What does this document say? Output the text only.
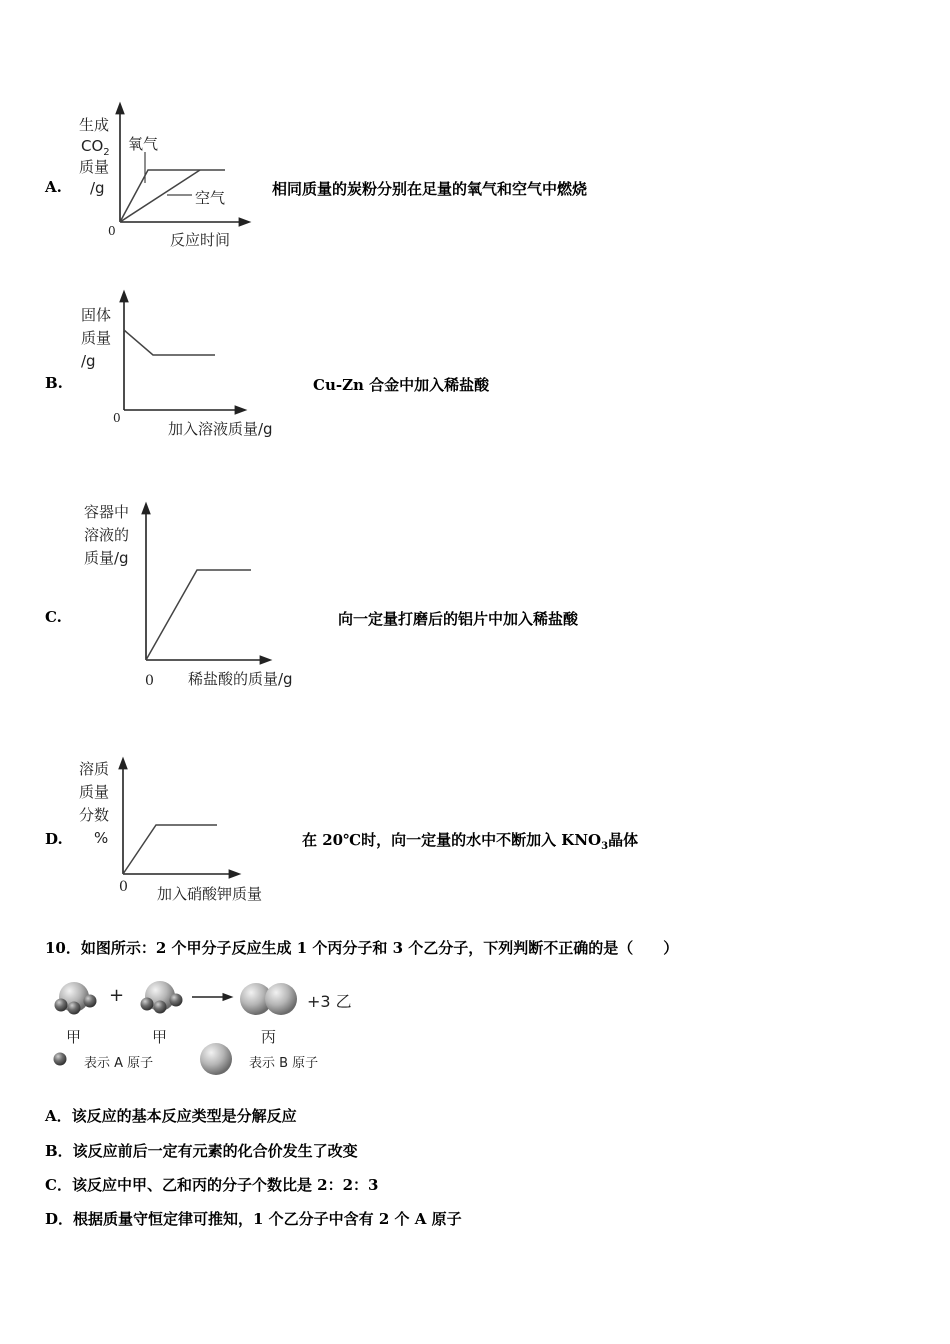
A.
生成
$CO_2$
质量
/g
0	反应时间
氧气
空气	相同质量的炭粉分别在足量的氧气和空气中燃烧
B.
固体
质量
/g
0
加入溶液质量/g
Cu-Zn 合金中加入稀盐酸
C.
容器中
溶液的
质量/g
0 稀盐酸的质量/g
向一定量打磨后的铝片中加入稀盐酸
D.
溶质
质量
分数
%
0 加入硝酸钾质量
在 20℃时，向一定量的水中不断加入 $KNO_3$晶体
10．如图所示：2 个甲分子反应生成 1 个丙分子和 3 个乙分子，下列判断不正确的是（　　）
+	+3 乙
甲	甲	丙
表示 A 原子	表示 B 原子
A．该反应的基本反应类型是分解反应
B．该反应前后一定有元素的化合价发生了改变
C．该反应中甲、乙和丙的分子个数比是 2：2：3
D．根据质量守恒定律可推知，1 个乙分子中含有 2 个 A 原子
